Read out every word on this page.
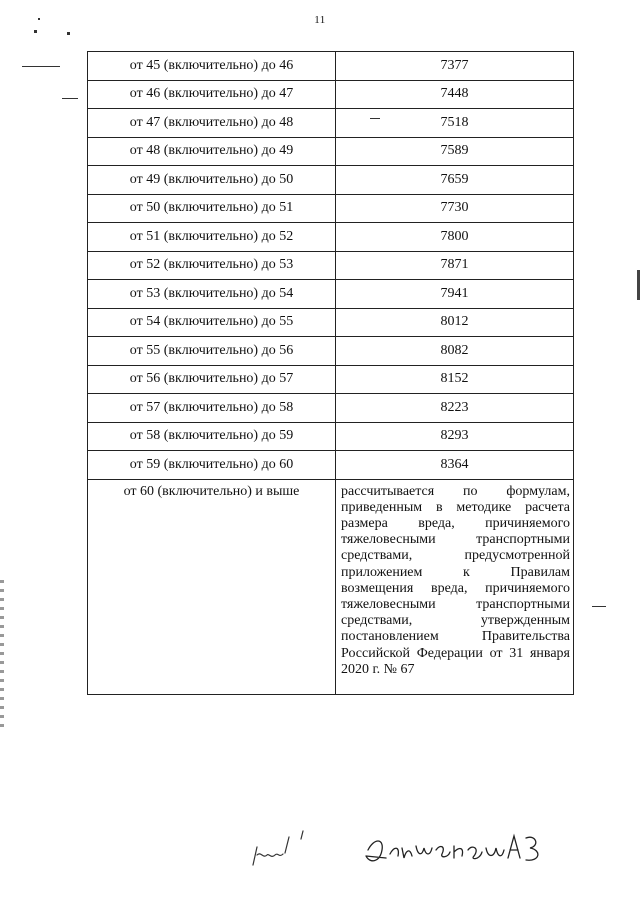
11
от 45 (включительно) до 46	7377
от 46 (включительно) до 47	7448
от 47 (включительно) до 48	7518
от 48 (включительно) до 49	7589
от 49 (включительно) до 50	7659
от 50 (включительно) до 51	7730
от 51 (включительно) до 52	7800
от 52 (включительно) до 53	7871
от 53 (включительно) до 54	7941
от 54 (включительно) до 55	8012
от 55 (включительно) до 56	8082
от 56 (включительно) до 57	8152
от 57 (включительно) до 58	8223
от 58 (включительно) до 59	8293
от 59 (включительно) до 60	8364
от 60 (включительно) и выше	рассчитывается по формулам, приведенным в методике расчета размера вреда, причиняемого тяжеловесными транспортными средствами, предусмотренной приложением к Правилам возмещения вреда, причиняемого тяжеловесными транспортными средствами, утвержденным постановлением Правительства Российской Федерации от 31 января 2020 г. № 67
